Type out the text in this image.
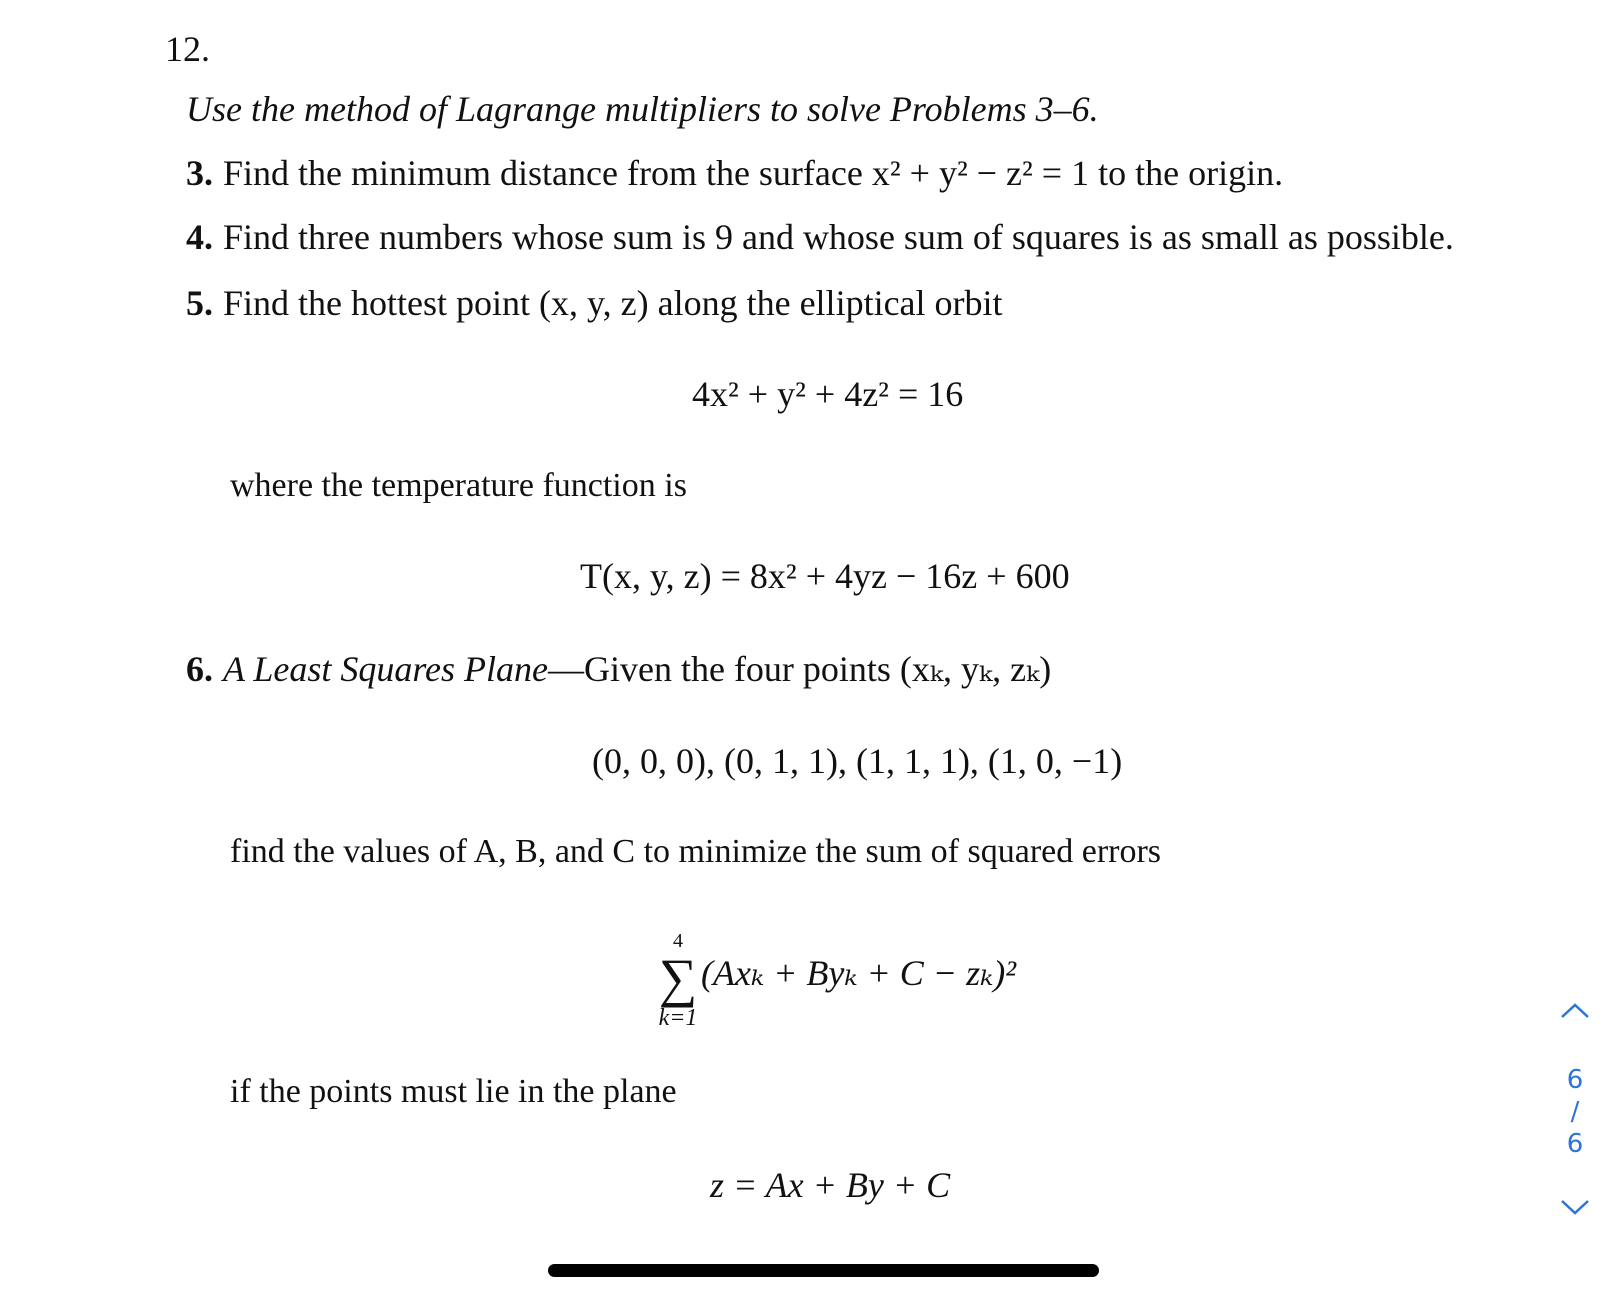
12.
Use the method of Lagrange multipliers to solve Problems 3–6.
3. Find the minimum distance from the surface x² + y² − z² = 1 to the origin.
4. Find three numbers whose sum is 9 and whose sum of squares is as small as possible.
5. Find the hottest point (x, y, z) along the elliptical orbit
4x² + y² + 4z² = 16
where the temperature function is
T(x, y, z) = 8x² + 4yz − 16z + 600
6. A Least Squares Plane—Given the four points (xₖ, yₖ, zₖ)
(0, 0, 0), (0, 1, 1), (1, 1, 1), (1, 0, −1)
find the values of A, B, and C to minimize the sum of squared errors
4
∑
k=1
(Axₖ + Byₖ + C − zₖ)²
if the points must lie in the plane
z = Ax + By + C
6
/
6
